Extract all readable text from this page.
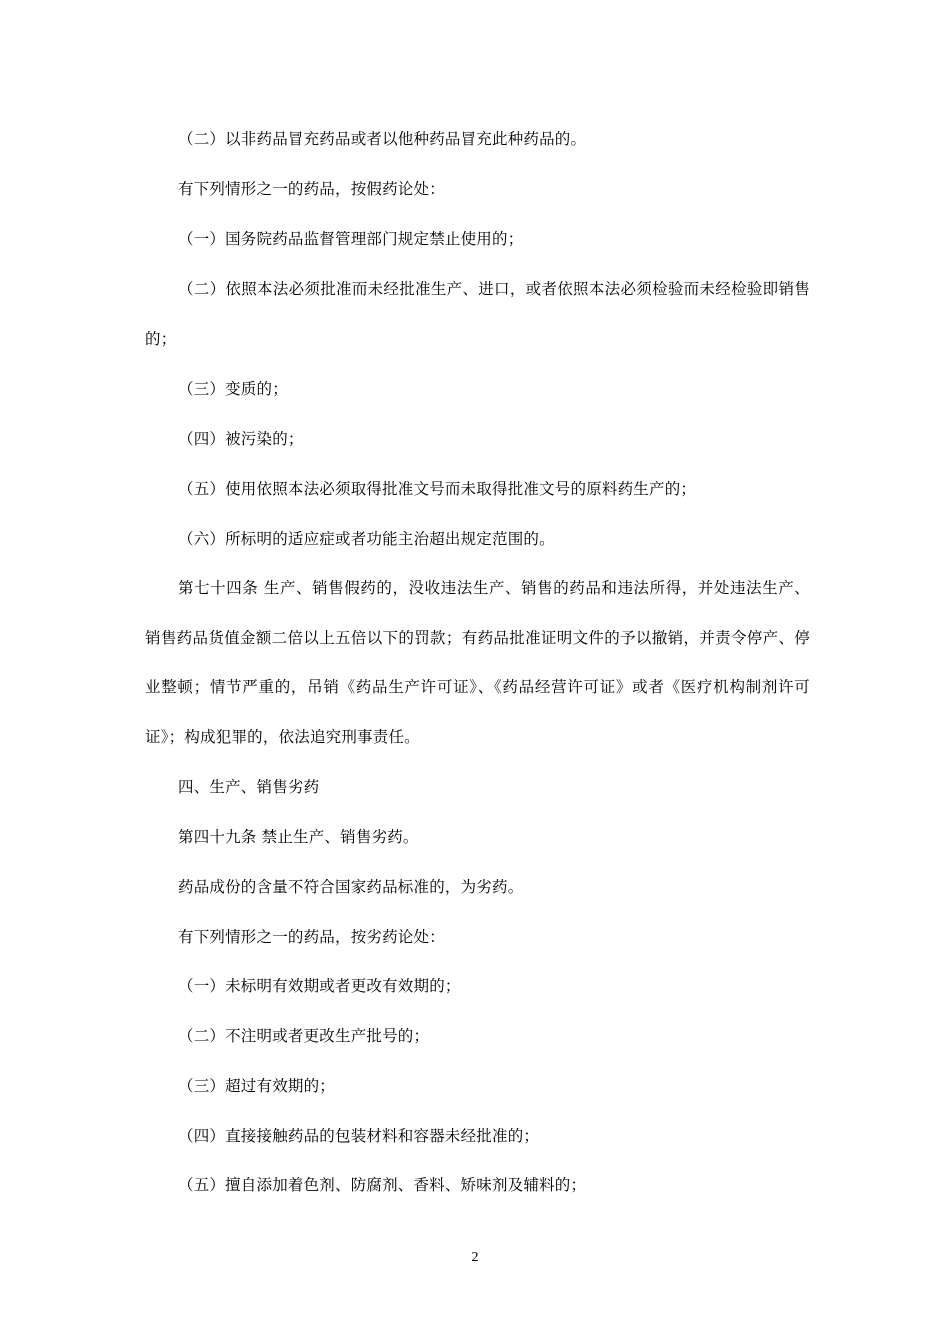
（二）以非药品冒充药品或者以他种药品冒充此种药品的。

有下列情形之一的药品，按假药论处：

（一）国务院药品监督管理部门规定禁止使用的；

（二）依照本法必须批准而未经批准生产、进口，或者依照本法必须检验而未经检验即销售的；

（三）变质的；

（四）被污染的；

（五）使用依照本法必须取得批准文号而未取得批准文号的原料药生产的；

（六）所标明的适应症或者功能主治超出规定范围的。

第七十四条 生产、销售假药的，没收违法生产、销售的药品和违法所得，并处违法生产、销售药品货值金额二倍以上五倍以下的罚款；有药品批准证明文件的予以撤销，并责令停产、停业整顿；情节严重的，吊销《药品生产许可证》、《药品经营许可证》或者《医疗机构制剂许可证》；构成犯罪的，依法追究刑事责任。

四、生产、销售劣药

第四十九条 禁止生产、销售劣药。

药品成份的含量不符合国家药品标准的，为劣药。

有下列情形之一的药品，按劣药论处：

（一）未标明有效期或者更改有效期的；

（二）不注明或者更改生产批号的；

（三）超过有效期的；

（四）直接接触药品的包装材料和容器未经批准的；

（五）擅自添加着色剂、防腐剂、香料、矫味剂及辅料的；

2
